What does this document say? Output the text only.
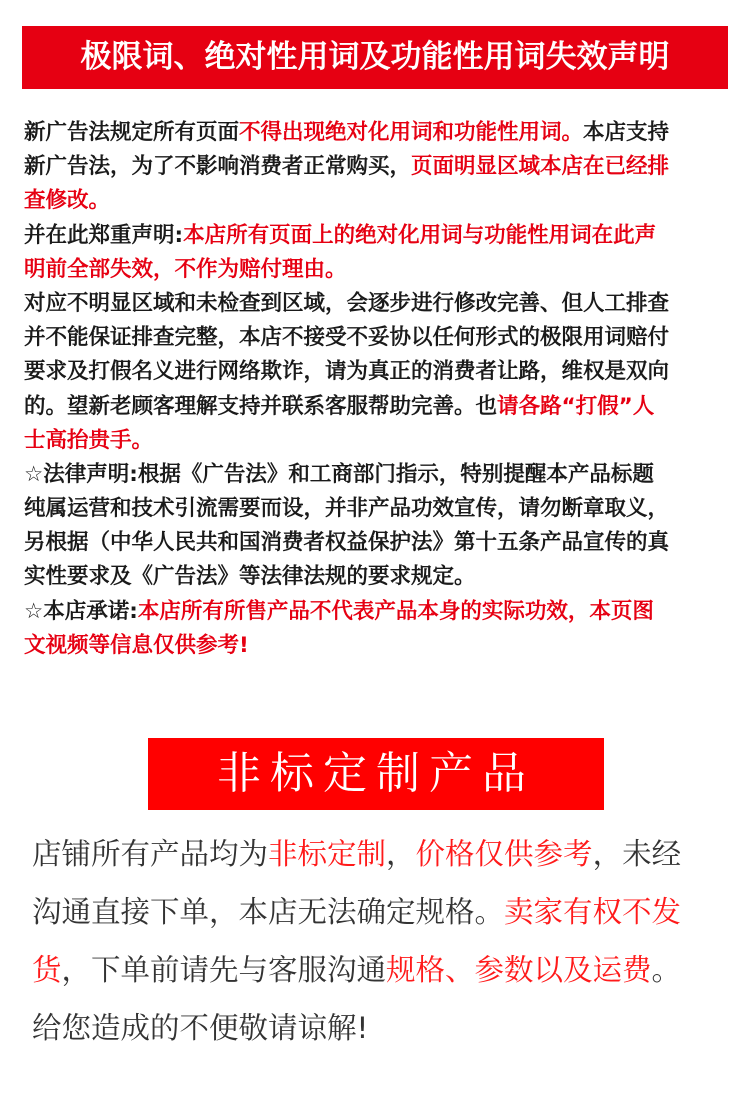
极限词、绝对性用词及功能性用词失效声明
新广告法规定所有页面不得出现绝对化用词和功能性用词。本店支持
新广告法，为了不影响消费者正常购买，页面明显区域本店在已经排
查修改。
并在此郑重声明:本店所有页面上的绝对化用词与功能性用词在此声
明前全部失效，不作为赔付理由。
对应不明显区域和未检查到区域，会逐步进行修改完善、但人工排查
并不能保证排查完整，本店不接受不妥协以任何形式的极限用词赔付
要求及打假名义进行网络欺诈，请为真正的消费者让路，维权是双向
的。望新老顾客理解支持并联系客服帮助完善。也请各路“打假”人
士高抬贵手。
☆法律声明:根据《广告法》和工商部门指示，特别提醒本产品标题
纯属运营和技术引流需要而设，并非产品功效宣传，请勿断章取义，
另根据（中华人民共和国消费者权益保护法》第十五条产品宣传的真
实性要求及《广告法》等法律法规的要求规定。
☆本店承诺:本店所有所售产品不代表产品本身的实际功效，本页图
文视频等信息仅供参考!
非标定制产品
店铺所有产品均为非标定制，价格仅供参考，未经
沟通直接下单，本店无法确定规格。卖家有权不发
货，下单前请先与客服沟通规格、参数以及运费。
给您造成的不便敬请谅解!
